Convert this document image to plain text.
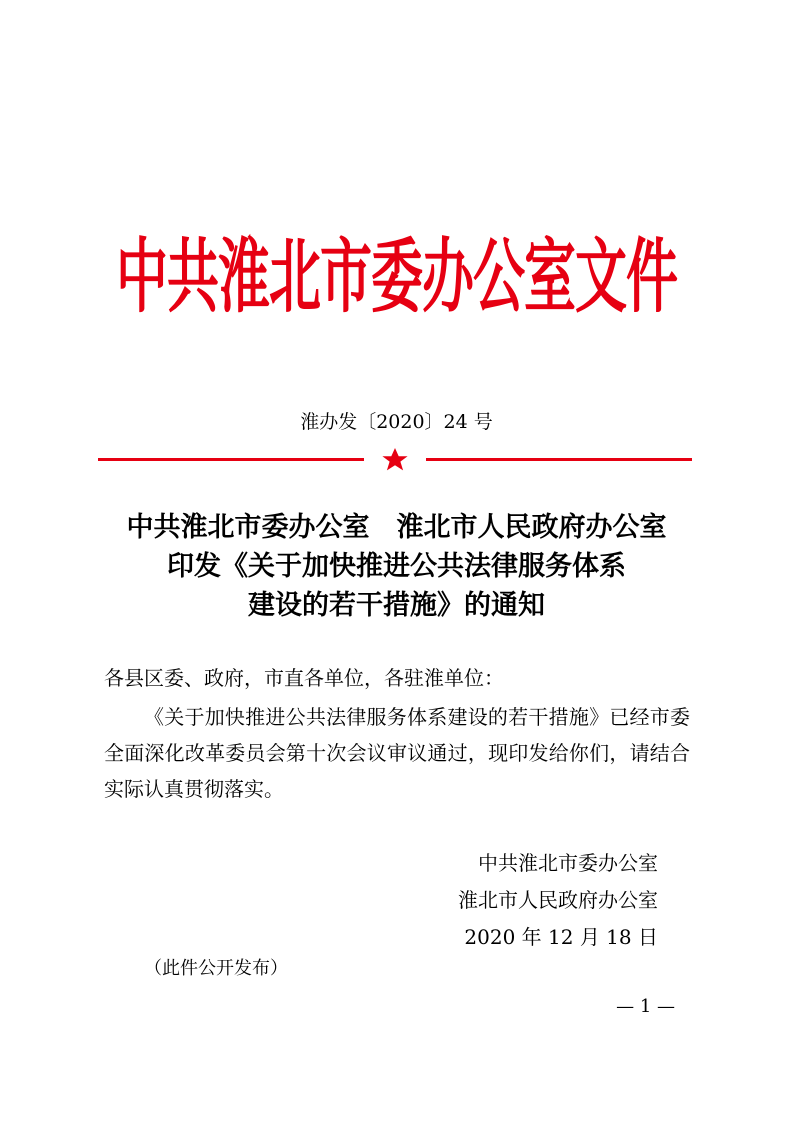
中共淮北市委办公室文件
淮办发〔2020〕24 号
中共淮北市委办公室　淮北市人民政府办公室
印发《关于加快推进公共法律服务体系
建设的若干措施》的通知
各县区委、政府，市直各单位，各驻淮单位：

《关于加快推进公共法律服务体系建设的若干措施》已经市委全面深化改革委员会第十次会议审议通过，现印发给你们，请结合实际认真贯彻落实。

中共淮北市委办公室
淮北市人民政府办公室
2020 年 12 月 18 日
（此件公开发布）
— 1 —
